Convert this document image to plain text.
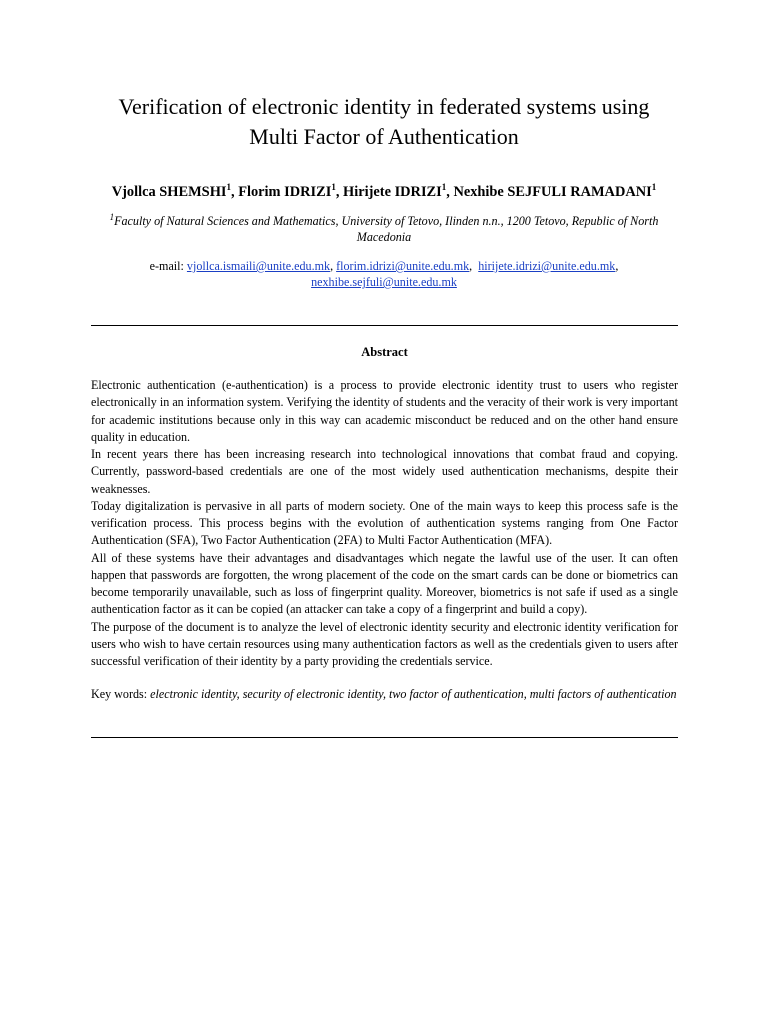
Verification of electronic identity in federated systems using
Multi Factor of Authentication
Vjollca SHEMSHI$^1$, Florim IDRIZI$^1$, Hirijete IDRIZI$^1$, Nexhibe SEJFULI RAMADANI$^1$
$^1$Faculty of Natural Sciences and Mathematics, University of Tetovo, Ilinden n.n., 1200 Tetovo, Republic of North Macedonia
e-mail: vjollca.ismaili@unite.edu.mk, florim.idrizi@unite.edu.mk,  hirijete.idrizi@unite.edu.mk,
nexhibe.sejfuli@unite.edu.mk
Abstract

Electronic authentication (e-authentication) is a process to provide electronic identity trust to users who register electronically in an information system. Verifying the identity of students and the veracity of their work is very important for academic institutions because only in this way can academic misconduct be reduced and on the other hand ensure quality in education.

In recent years there has been increasing research into technological innovations that combat fraud and copying. Currently, password-based credentials are one of the most widely used authentication mechanisms, despite their weaknesses.

Today digitalization is pervasive in all parts of modern society. One of the main ways to keep this process safe is the verification process. This process begins with the evolution of authentication systems ranging from One Factor Authentication (SFA), Two Factor Authentication (2FA) to Multi Factor Authentication (MFA).

All of these systems have their advantages and disadvantages which negate the lawful use of the user. It can often happen that passwords are forgotten, the wrong placement of the code on the smart cards can be done or biometrics can become temporarily unavailable, such as loss of fingerprint quality. Moreover, biometrics is not safe if used as a single authentication factor as it can be copied (an attacker can take a copy of a fingerprint and build a copy).

The purpose of the document is to analyze the level of electronic identity security and electronic identity verification for users who wish to have certain resources using many authentication factors as well as the credentials given to users after successful verification of their identity by a party providing the credentials service.

Key words: electronic identity, security of electronic identity, two factor of authentication, multi factors of authentication
